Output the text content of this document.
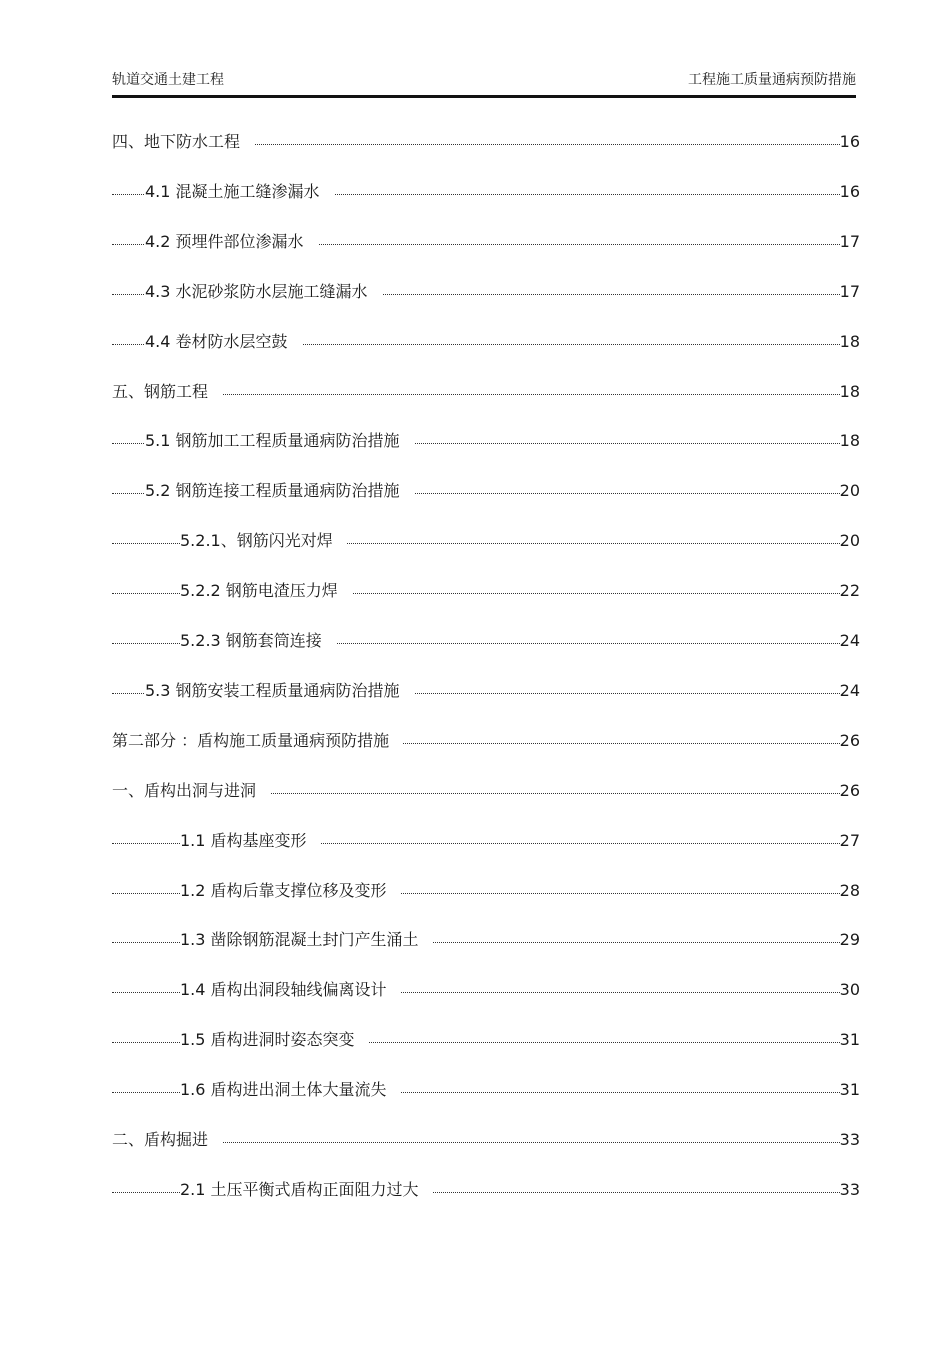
轨道交通土建工程	工程施工质量通病预防措施
四、地下防水工程	16
4.1 混凝土施工缝渗漏水	16
4.2 预埋件部位渗漏水	17
4.3 水泥砂浆防水层施工缝漏水	17
4.4 卷材防水层空鼓	18
五、钢筋工程	18
5.1 钢筋加工工程质量通病防治措施	18
5.2 钢筋连接工程质量通病防治措施	20
5.2.1、钢筋闪光对焊	20
5.2.2 钢筋电渣压力焊	22
5.2.3 钢筋套筒连接	24
5.3 钢筋安装工程质量通病防治措施	24
第二部分 ：盾构施工质量通病预防措施	26
一、盾构出洞与进洞	26
1.1 盾构基座变形	27
1.2 盾构后靠支撑位移及变形	28
1.3 凿除钢筋混凝土封门产生涌土	29
1.4 盾构出洞段轴线偏离设计	30
1.5 盾构进洞时姿态突变	31
1.6 盾构进出洞土体大量流失	31
二、盾构掘进	33
2.1 土压平衡式盾构正面阻力过大	33
